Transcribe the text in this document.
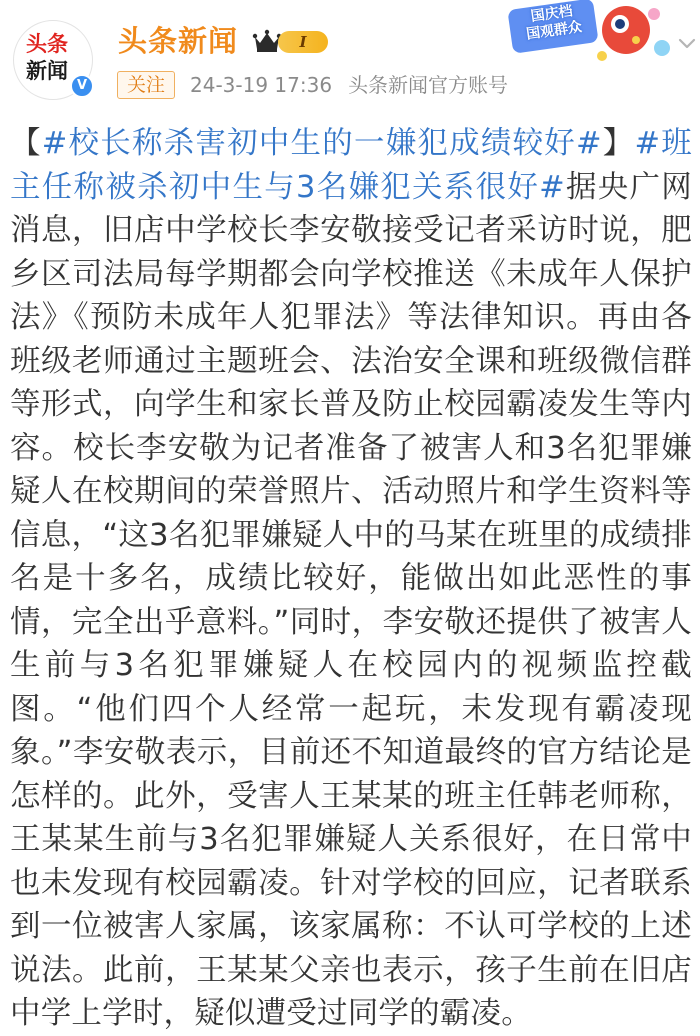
头条
新闻
V
头条新闻	I
关注	24-3-19 17:36 头条新闻官方账号
国庆档
国观群众
【#校长称杀害初中生的一嫌犯成绩较好#】#班主任称被杀初中生与3名嫌犯关系很好#据央广网消息，旧店中学校长李安敬接受记者采访时说，肥乡区司法局每学期都会向学校推送《未成年人保护法》《预防未成年人犯罪法》等法律知识。再由各班级老师通过主题班会、法治安全课和班级微信群等形式，向学生和家长普及防止校园霸凌发生等内容。校长李安敬为记者准备了被害人和3名犯罪嫌疑人在校期间的荣誉照片、活动照片和学生资料等信息，“这3名犯罪嫌疑人中的马某在班里的成绩排名是十多名，成绩比较好，能做出如此恶性的事情，完全出乎意料。”同时，李安敬还提供了被害人生前与3名犯罪嫌疑人在校园内的视频监控截图。“他们四个人经常一起玩，未发现有霸凌现象。”李安敬表示，目前还不知道最终的官方结论是怎样的。此外，受害人王某某的班主任韩老师称，王某某生前与3名犯罪嫌疑人关系很好，在日常中也未发现有校园霸凌。针对学校的回应，记者联系到一位被害人家属，该家属称：不认可学校的上述说法。此前，王某某父亲也表示，孩子生前在旧店中学上学时，疑似遭受过同学的霸凌。
